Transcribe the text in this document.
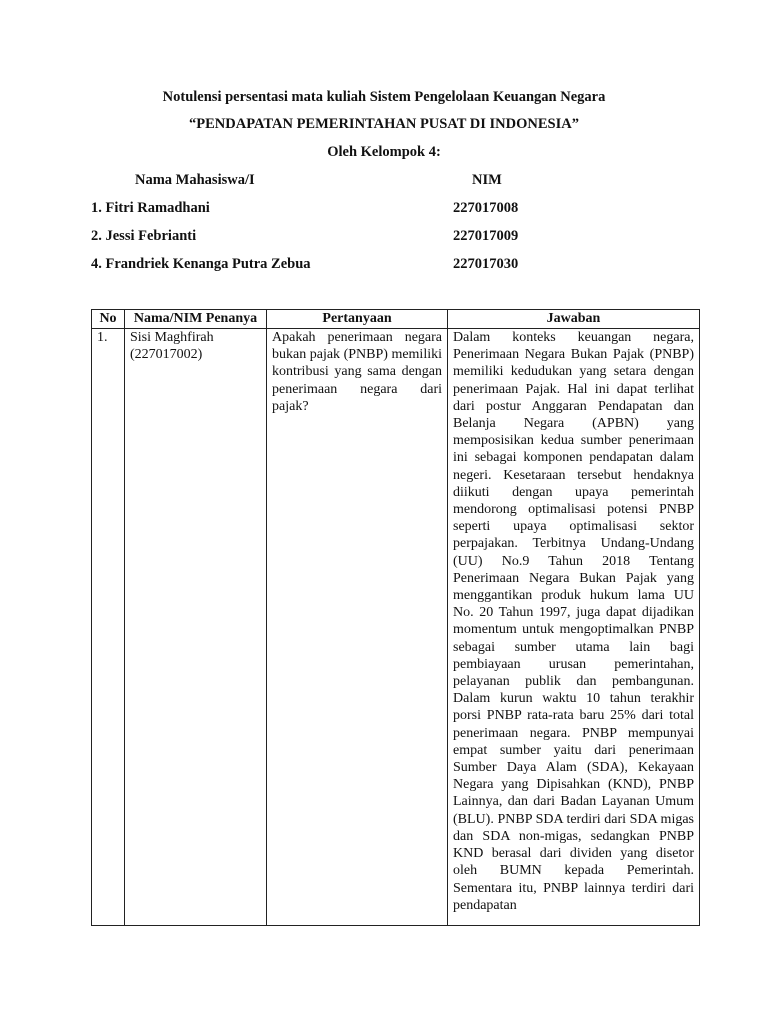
Notulensi persentasi mata kuliah Sistem Pengelolaan Keuangan Negara
“PENDAPATAN PEMERINTAHAN PUSAT DI INDONESIA”
Oleh Kelompok 4:
Nama Mahasiswa/I	NIM
1. Fitri Ramadhani	227017008
2. Jessi Febrianti	227017009
4. Frandriek Kenanga Putra Zebua	227017030
No	Nama/NIM Penanya	Pertanyaan	Jawaban
1.	Sisi Maghfirah (227017002)	Apakah penerimaan negara bukan pajak (PNBP) memiliki kontribusi yang sama dengan penerimaan negara dari pajak?	Dalam konteks keuangan negara, Penerimaan Negara Bukan Pajak (PNBP) memiliki kedudukan yang setara dengan penerimaan Pajak. Hal ini dapat terlihat dari postur Anggaran Pendapatan dan Belanja Negara (APBN) yang memposisikan kedua sumber penerimaan ini sebagai komponen pendapatan dalam negeri. Kesetaraan tersebut hendaknya diikuti dengan upaya pemerintah mendorong optimalisasi potensi PNBP seperti upaya optimalisasi sektor perpajakan. Terbitnya Undang-Undang (UU) No.9 Tahun 2018 Tentang Penerimaan Negara Bukan Pajak yang menggantikan produk hukum lama UU No. 20 Tahun 1997, juga dapat dijadikan momentum untuk mengoptimalkan PNBP sebagai sumber utama lain bagi pembiayaan urusan pemerintahan, pelayanan publik dan pembangunan. Dalam kurun waktu 10 tahun terakhir porsi PNBP rata-rata baru 25% dari total penerimaan negara. PNBP mempunyai empat sumber yaitu dari penerimaan Sumber Daya Alam (SDA), Kekayaan Negara yang Dipisahkan (KND), PNBP Lainnya, dan dari Badan Layanan Umum (BLU). PNBP SDA terdiri dari SDA migas dan SDA non-migas, sedangkan PNBP KND berasal dari dividen yang disetor oleh BUMN kepada Pemerintah. Sementara itu, PNBP lainnya terdiri dari pendapatan
